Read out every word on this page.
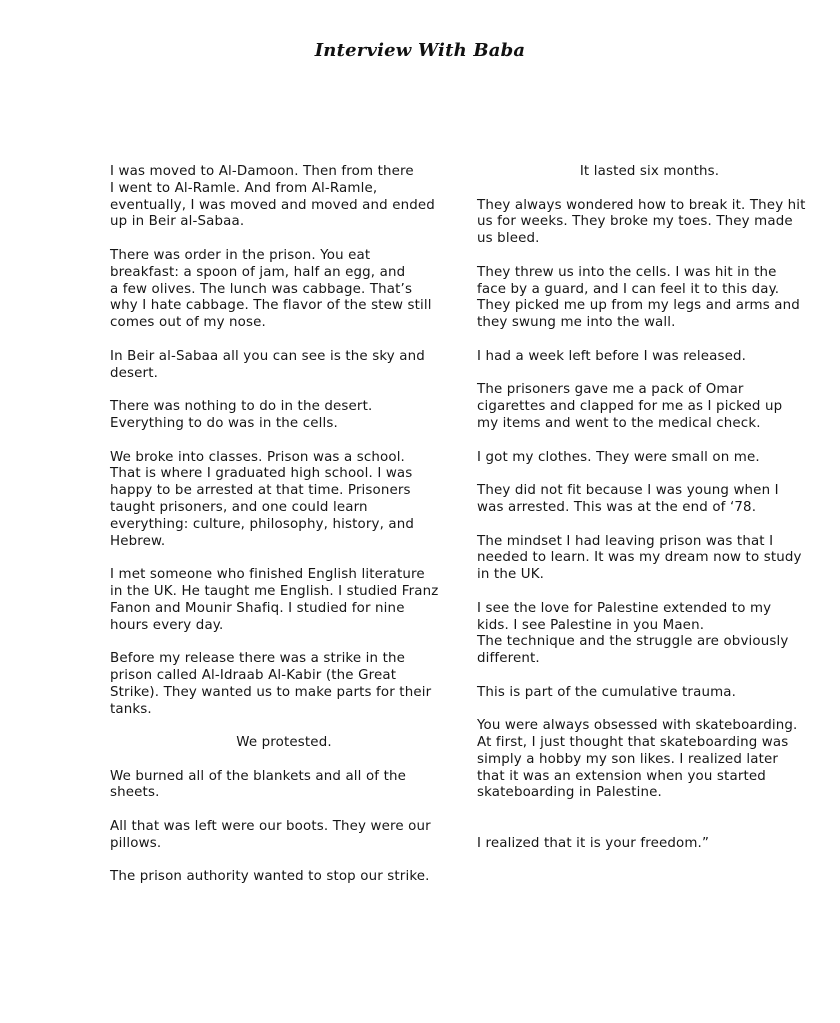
Interview With Baba

I was moved to Al-Damoon. Then from there
I went to Al-Ramle. And from Al-Ramle,
eventually, I was moved and moved and ended
up in Beir al-Sabaa.

There was order in the prison. You eat
breakfast: a spoon of jam, half an egg, and
a few olives. The lunch was cabbage. That’s
why I hate cabbage. The flavor of the stew still
comes out of my nose.

In Beir al-Sabaa all you can see is the sky and
desert.

There was nothing to do in the desert.
Everything to do was in the cells.

We broke into classes. Prison was a school.
That is where I graduated high school. I was
happy to be arrested at that time. Prisoners
taught prisoners, and one could learn
everything: culture, philosophy, history, and
Hebrew.

I met someone who finished English literature
in the UK. He taught me English. I studied Franz
Fanon and Mounir Shafiq. I studied for nine
hours every day.

Before my release there was a strike in the
prison called Al-Idraab Al-Kabir (the Great
Strike). They wanted us to make parts for their
tanks.

We protested.

We burned all of the blankets and all of the
sheets.

All that was left were our boots. They were our
pillows.

The prison authority wanted to stop our strike.

It lasted six months.

They always wondered how to break it. They hit
us for weeks. They broke my toes. They made
us bleed.

They threw us into the cells. I was hit in the
face by a guard, and I can feel it to this day.
They picked me up from my legs and arms and
they swung me into the wall.

I had a week left before I was released.

The prisoners gave me a pack of Omar
cigarettes and clapped for me as I picked up
my items and went to the medical check.

I got my clothes. They were small on me.

They did not fit because I was young when I
was arrested. This was at the end of ‘78.

The mindset I had leaving prison was that I
needed to learn. It was my dream now to study
in the UK.

I see the love for Palestine extended to my
kids. I see Palestine in you Maen.
The technique and the struggle are obviously
different.

This is part of the cumulative trauma.

You were always obsessed with skateboarding.
At first, I just thought that skateboarding was
simply a hobby my son likes. I realized later
that it was an extension when you started
skateboarding in Palestine.

I realized that it is your freedom.”
